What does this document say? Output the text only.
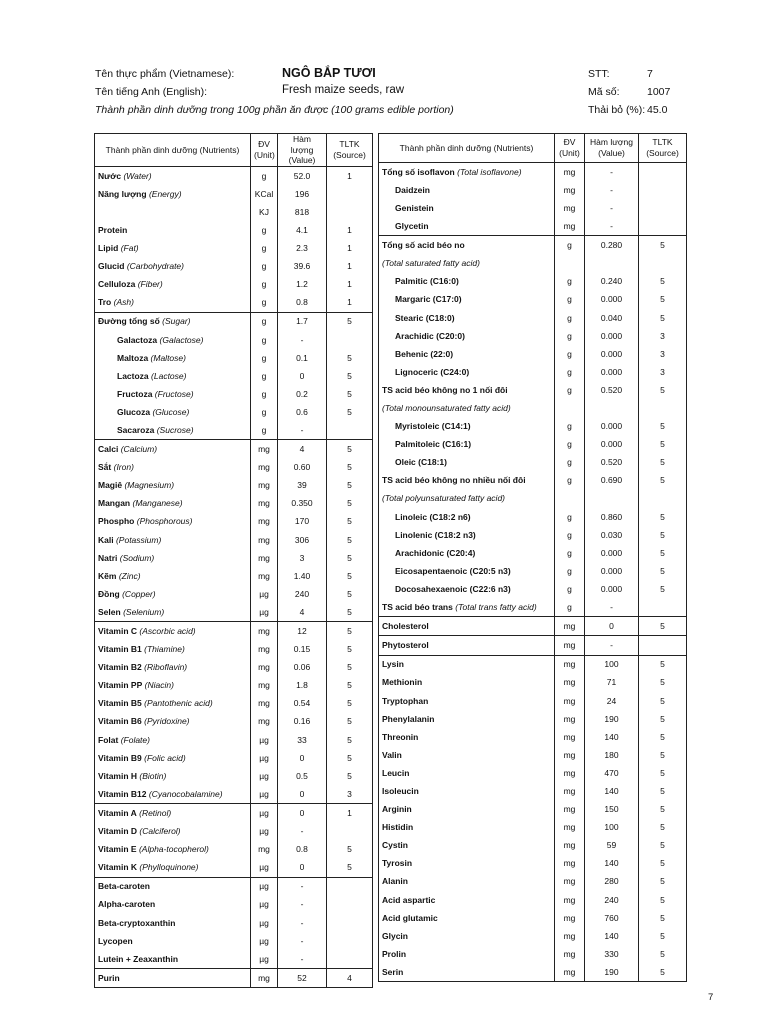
Tên thực phẩm (Vietnamese):	NGÔ BẮP TƯƠI
Tên tiếng Anh (English):	Fresh maize seeds, raw
Thành phần dinh dưỡng trong 100g phần ăn được (100 grams edible portion)
STT:	7
Mã số:	1007
Thải bỏ (%): 45.0
Thành phần dinh dưỡng (Nutrients)	ĐV (Unit)	Hàm lượng (Value)	TLTK (Source)
Nước (Water)	g	52.0	1
Năng lượng (Energy)	KCal	196	
	KJ	818	
Protein	g	4.1	1
Lipid (Fat)	g	2.3	1
Glucid (Carbohydrate)	g	39.6	1
Celluloza (Fiber)	g	1.2	1
Tro (Ash)	g	0.8	1
Đường tổng số (Sugar)	g	1.7	5
Galactoza (Galactose)	g	-	
Maltoza (Maltose)	g	0.1	5
Lactoza (Lactose)	g	0	5
Fructoza (Fructose)	g	0.2	5
Glucoza (Glucose)	g	0.6	5
Sacaroza (Sucrose)	g	-	
Calci (Calcium)	mg	4	5
Sắt (Iron)	mg	0.60	5
Magiê (Magnesium)	mg	39	5
Mangan (Manganese)	mg	0.350	5
Phospho (Phosphorous)	mg	170	5
Kali (Potassium)	mg	306	5
Natri (Sodium)	mg	3	5
Kẽm (Zinc)	mg	1.40	5
Đồng (Copper)	µg	240	5
Selen (Selenium)	µg	4	5
Vitamin C (Ascorbic acid)	mg	12	5
Vitamin B1 (Thiamine)	mg	0.15	5
Vitamin B2 (Riboflavin)	mg	0.06	5
Vitamin PP (Niacin)	mg	1.8	5
Vitamin B5 (Pantothenic acid)	mg	0.54	5
Vitamin B6 (Pyridoxine)	mg	0.16	5
Folat (Folate)	µg	33	5
Vitamin B9 (Folic acid)	µg	0	5
Vitamin H (Biotin)	µg	0.5	5
Vitamin B12 (Cyanocobalamine)	µg	0	3
Vitamin A (Retinol)	µg	0	1
Vitamin D (Calciferol)	µg	-	
Vitamin E (Alpha-tocopherol)	mg	0.8	5
Vitamin K (Phylloquinone)	µg	0	5
Beta-caroten	µg	-	
Alpha-caroten	µg	-	
Beta-cryptoxanthin	µg	-	
Lycopen	µg	-	
Lutein + Zeaxanthin	µg	-	
Purin	mg	52	4
Thành phần dinh dưỡng (Nutrients)	ĐV (Unit)	Hàm lượng (Value)	TLTK (Source)
Tổng số isoflavon (Total isoflavone)	mg	-	
Daidzein	mg	-	
Genistein	mg	-	
Glycetin	mg	-	
Tổng số acid béo no	g	0.280	5
(Total saturated fatty acid)			
Palmitic (C16:0)	g	0.240	5
Margaric (C17:0)	g	0.000	5
Stearic (C18:0)	g	0.040	5
Arachidic (C20:0)	g	0.000	3
Behenic (22:0)	g	0.000	3
Lignoceric (C24:0)	g	0.000	3
TS acid béo không no 1 nối đôi	g	0.520	5
(Total monounsaturated fatty acid)			
Myristoleic (C14:1)	g	0.000	5
Palmitoleic (C16:1)	g	0.000	5
Oleic (C18:1)	g	0.520	5
TS acid béo không no nhiều nối đôi	g	0.690	5
(Total polyunsaturated fatty acid)			
Linoleic (C18:2 n6)	g	0.860	5
Linolenic (C18:2 n3)	g	0.030	5
Arachidonic (C20:4)	g	0.000	5
Eicosapentaenoic (C20:5 n3)	g	0.000	5
Docosahexaenoic (C22:6 n3)	g	0.000	5
TS acid béo trans (Total trans fatty acid)	g	-	
Cholesterol	mg	0	5
Phytosterol	mg	-	
Lysin	mg	100	5
Methionin	mg	71	5
Tryptophan	mg	24	5
Phenylalanin	mg	190	5
Threonin	mg	140	5
Valin	mg	180	5
Leucin	mg	470	5
Isoleucin	mg	140	5
Arginin	mg	150	5
Histidin	mg	100	5
Cystin	mg	59	5
Tyrosin	mg	140	5
Alanin	mg	280	5
Acid aspartic	mg	240	5
Acid glutamic	mg	760	5
Glycin	mg	140	5
Prolin	mg	330	5
Serin	mg	190	5
7
